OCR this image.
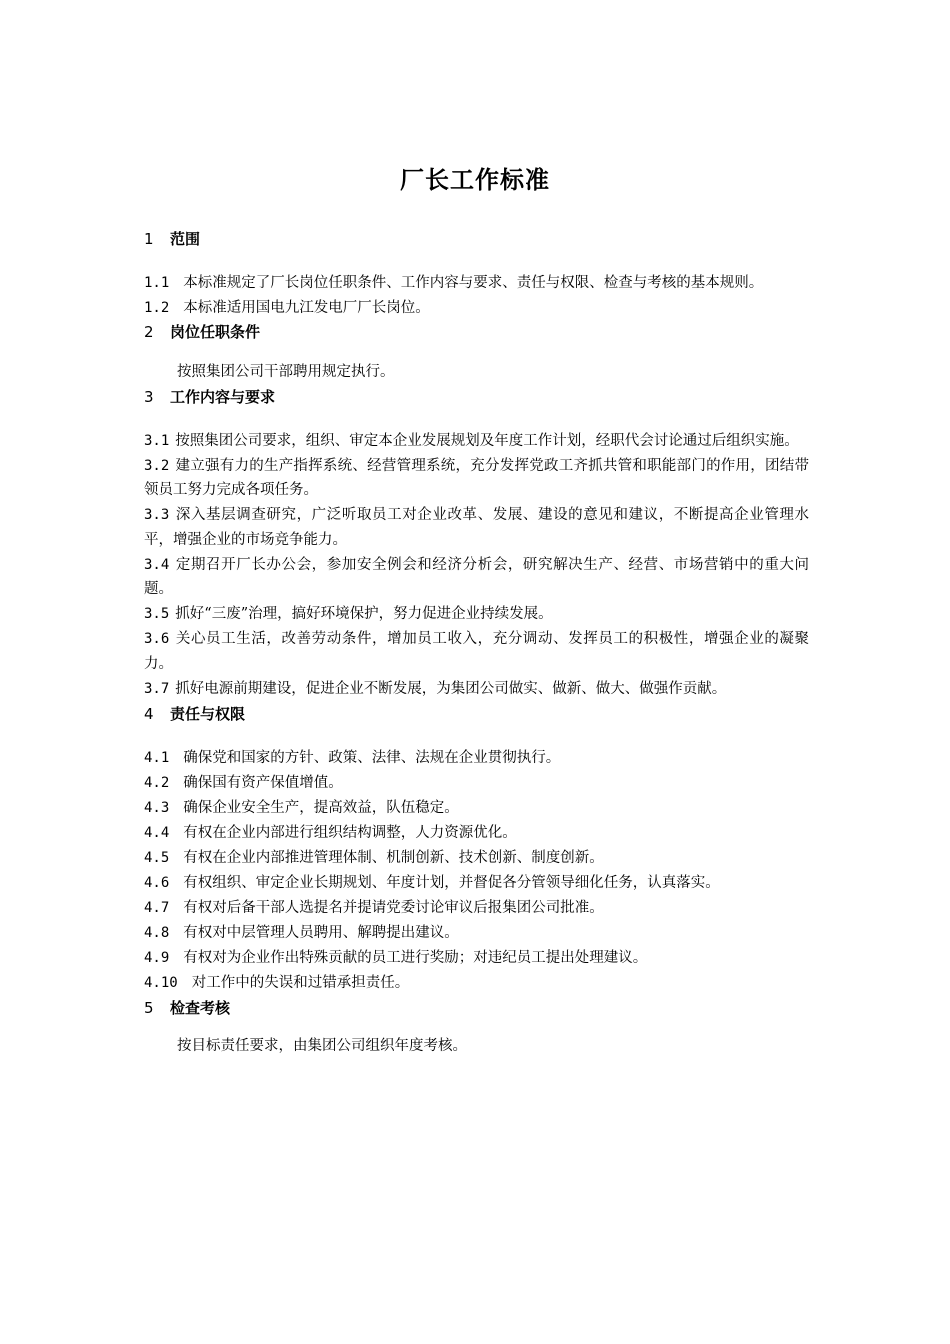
厂长工作标准
1 范围
1.1 本标准规定了厂长岗位任职条件、工作内容与要求、责任与权限、检查与考核的基本规则。
1.2 本标准适用国电九江发电厂厂长岗位。
2 岗位任职条件
按照集团公司干部聘用规定执行。
3 工作内容与要求
3.1 按照集团公司要求，组织、审定本企业发展规划及年度工作计划，经职代会讨论通过后组织实施。
3.2 建立强有力的生产指挥系统、经营管理系统，充分发挥党政工齐抓共管和职能部门的作用，团结带领员工努力完成各项任务。
3.3 深入基层调查研究，广泛听取员工对企业改革、发展、建设的意见和建议，不断提高企业管理水平，增强企业的市场竞争能力。
3.4 定期召开厂长办公会，参加安全例会和经济分析会，研究解决生产、经营、市场营销中的重大问题。
3.5 抓好“三废”治理，搞好环境保护，努力促进企业持续发展。
3.6 关心员工生活，改善劳动条件，增加员工收入，充分调动、发挥员工的积极性，增强企业的凝聚力。
3.7 抓好电源前期建设，促进企业不断发展，为集团公司做实、做新、做大、做强作贡献。
4 责任与权限
4.1 确保党和国家的方针、政策、法律、法规在企业贯彻执行。
4.2 确保国有资产保值增值。
4.3 确保企业安全生产，提高效益，队伍稳定。
4.4 有权在企业内部进行组织结构调整，人力资源优化。
4.5 有权在企业内部推进管理体制、机制创新、技术创新、制度创新。
4.6 有权组织、审定企业长期规划、年度计划，并督促各分管领导细化任务，认真落实。
4.7 有权对后备干部人选提名并提请党委讨论审议后报集团公司批准。
4.8 有权对中层管理人员聘用、解聘提出建议。
4.9 有权对为企业作出特殊贡献的员工进行奖励；对违纪员工提出处理建议。
4.10 对工作中的失误和过错承担责任。
5 检查考核
按目标责任要求，由集团公司组织年度考核。
